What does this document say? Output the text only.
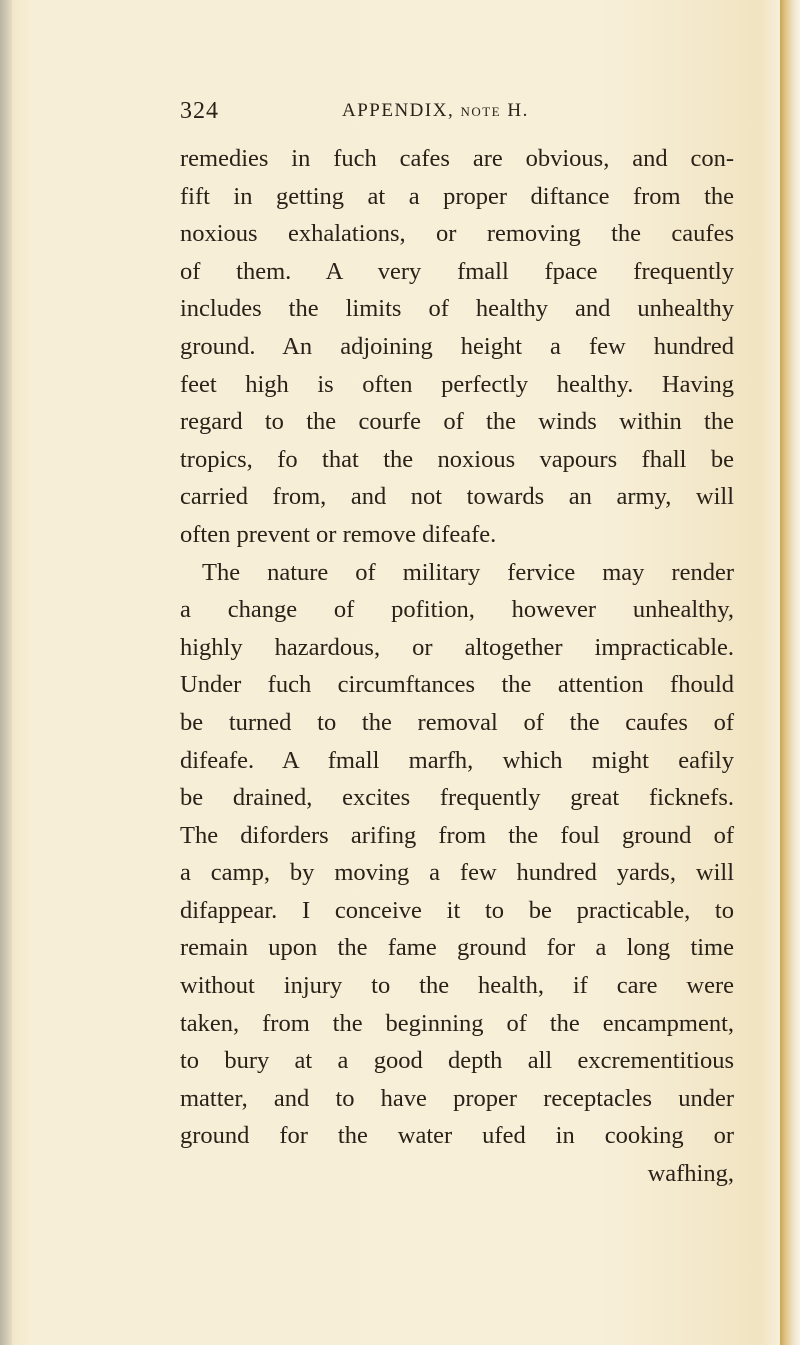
324	APPENDIX, note H.
remedies in fuch cafes are obvious, and con-
fift in getting at a proper diftance from the
noxious exhalations, or removing the caufes
of them. A very fmall fpace frequently
includes the limits of healthy and unhealthy
ground. An adjoining height a few hundred
feet high is often perfectly healthy. Having
regard to the courfe of the winds within the
tropics, fo that the noxious vapours fhall be
carried from, and not towards an army, will
often prevent or remove difeafe.
The nature of military fervice may render
a change of pofition, however unhealthy,
highly hazardous, or altogether impracticable.
Under fuch circumftances the attention fhould
be turned to the removal of the caufes of
difeafe. A fmall marfh, which might eafily
be drained, excites frequently great ficknefs.
The diforders arifing from the foul ground of
a camp, by moving a few hundred yards, will
difappear. I conceive it to be practicable, to
remain upon the fame ground for a long time
without injury to the health, if care were
taken, from the beginning of the encampment,
to bury at a good depth all excrementitious
matter, and to have proper receptacles under
ground for the water ufed in cooking or
wafhing,
